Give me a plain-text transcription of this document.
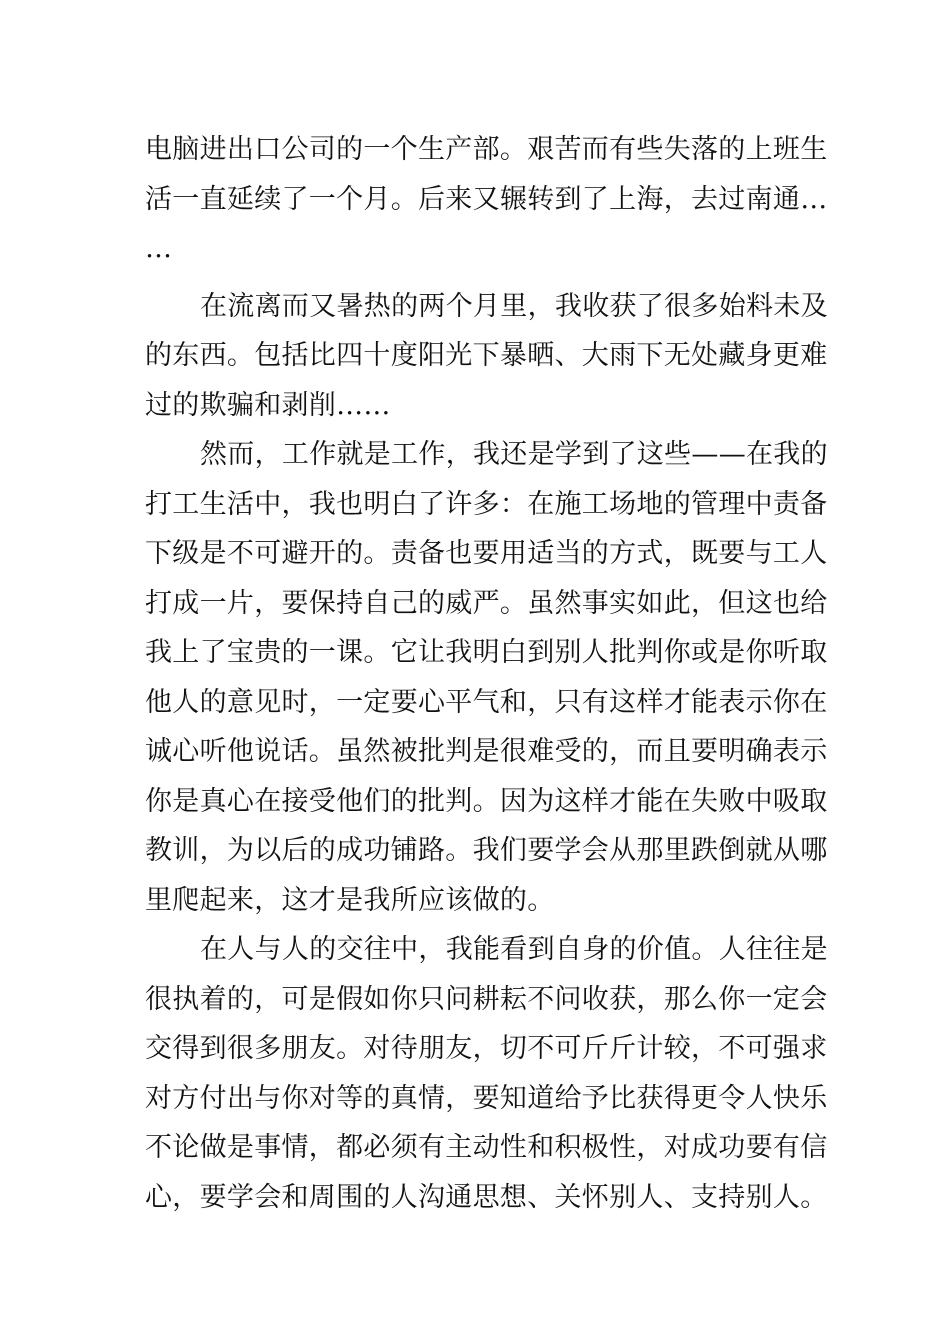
电脑进出口公司的一个生产部。艰苦而有些失落的上班生
活一直延续了一个月。后来又辗转到了上海，去过南通…
…
在流离而又暑热的两个月里，我收获了很多始料未及
的东西。包括比四十度阳光下暴晒、大雨下无处藏身更难
过的欺骗和剥削……
然而，工作就是工作，我还是学到了这些——在我的
打工生活中，我也明白了许多：在施工场地的管理中责备
下级是不可避开的。责备也要用适当的方式，既要与工人
打成一片，要保持自己的威严。虽然事实如此，但这也给
我上了宝贵的一课。它让我明白到别人批判你或是你听取
他人的意见时，一定要心平气和，只有这样才能表示你在
诚心听他说话。虽然被批判是很难受的，而且要明确表示
你是真心在接受他们的批判。因为这样才能在失败中吸取
教训，为以后的成功铺路。我们要学会从那里跌倒就从哪
里爬起来，这才是我所应该做的。
在人与人的交往中，我能看到自身的价值。人往往是
很执着的，可是假如你只问耕耘不问收获，那么你一定会
交得到很多朋友。对待朋友，切不可斤斤计较，不可强求
对方付出与你对等的真情，要知道给予比获得更令人快乐
不论做是事情，都必须有主动性和积极性，对成功要有信
心，要学会和周围的人沟通思想、关怀别人、支持别人。
